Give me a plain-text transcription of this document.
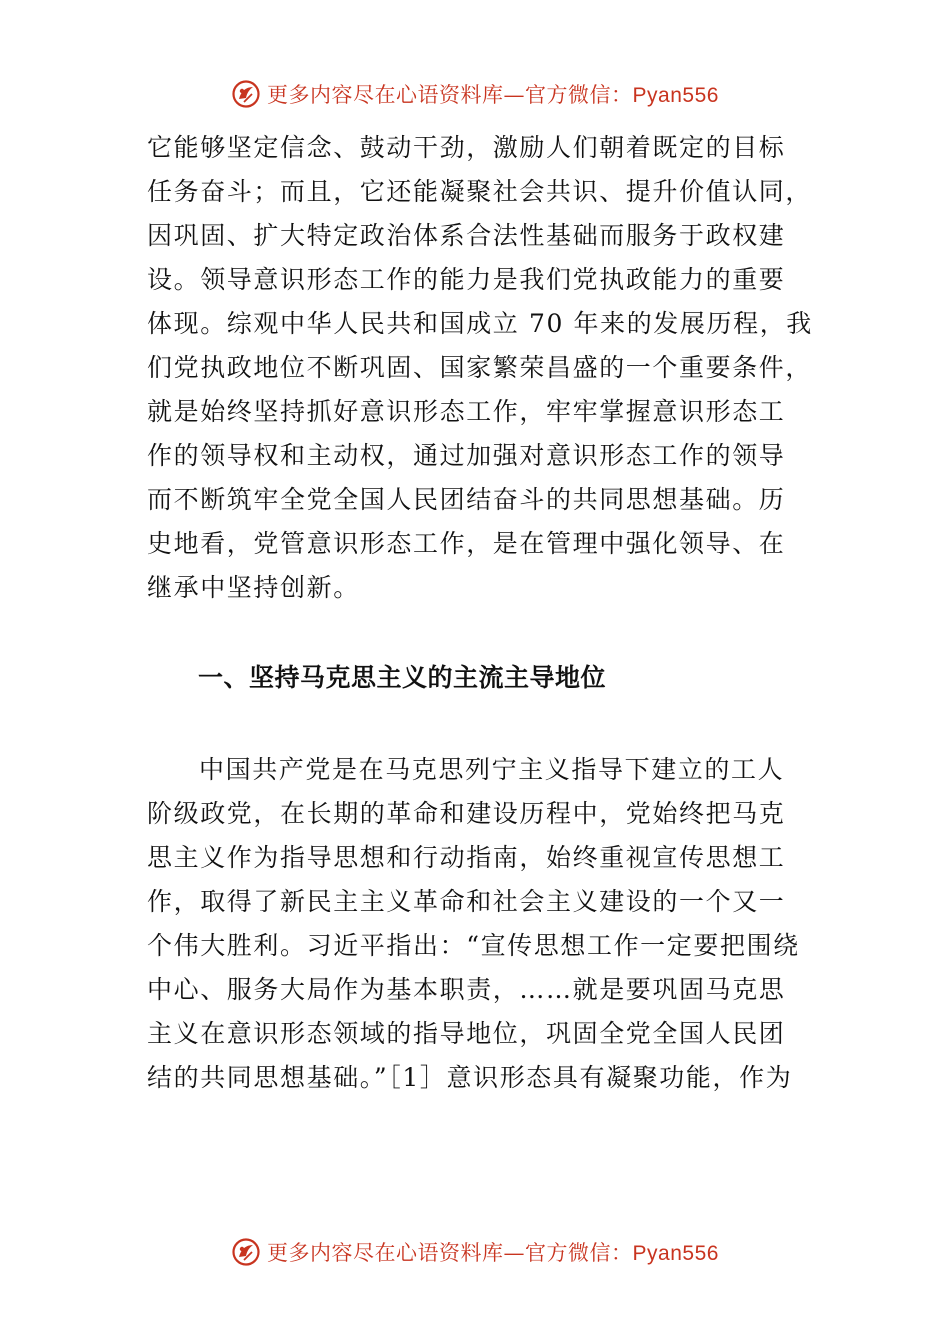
更多内容尽在心语资料库—官方微信：Pyan556
它能够坚定信念、鼓动干劲，激励人们朝着既定的目标
任务奋斗；而且，它还能凝聚社会共识、提升价值认同，
因巩固、扩大特定政治体系合法性基础而服务于政权建
设。领导意识形态工作的能力是我们党执政能力的重要
体现。综观中华人民共和国成立 70 年来的发展历程，我
们党执政地位不断巩固、国家繁荣昌盛的一个重要条件，
就是始终坚持抓好意识形态工作，牢牢掌握意识形态工
作的领导权和主动权，通过加强对意识形态工作的领导
而不断筑牢全党全国人民团结奋斗的共同思想基础。历
史地看，党管意识形态工作，是在管理中强化领导、在
继承中坚持创新。
一、坚持马克思主义的主流主导地位
中国共产党是在马克思列宁主义指导下建立的工人
阶级政党，在长期的革命和建设历程中，党始终把马克
思主义作为指导思想和行动指南，始终重视宣传思想工
作，取得了新民主主义革命和社会主义建设的一个又一
个伟大胜利。习近平指出：“宣传思想工作一定要把围绕
中心、服务大局作为基本职责，……就是要巩固马克思
主义在意识形态领域的指导地位，巩固全党全国人民团
结的共同思想基础。”［1］意识形态具有凝聚功能，作为
更多内容尽在心语资料库—官方微信：Pyan556
